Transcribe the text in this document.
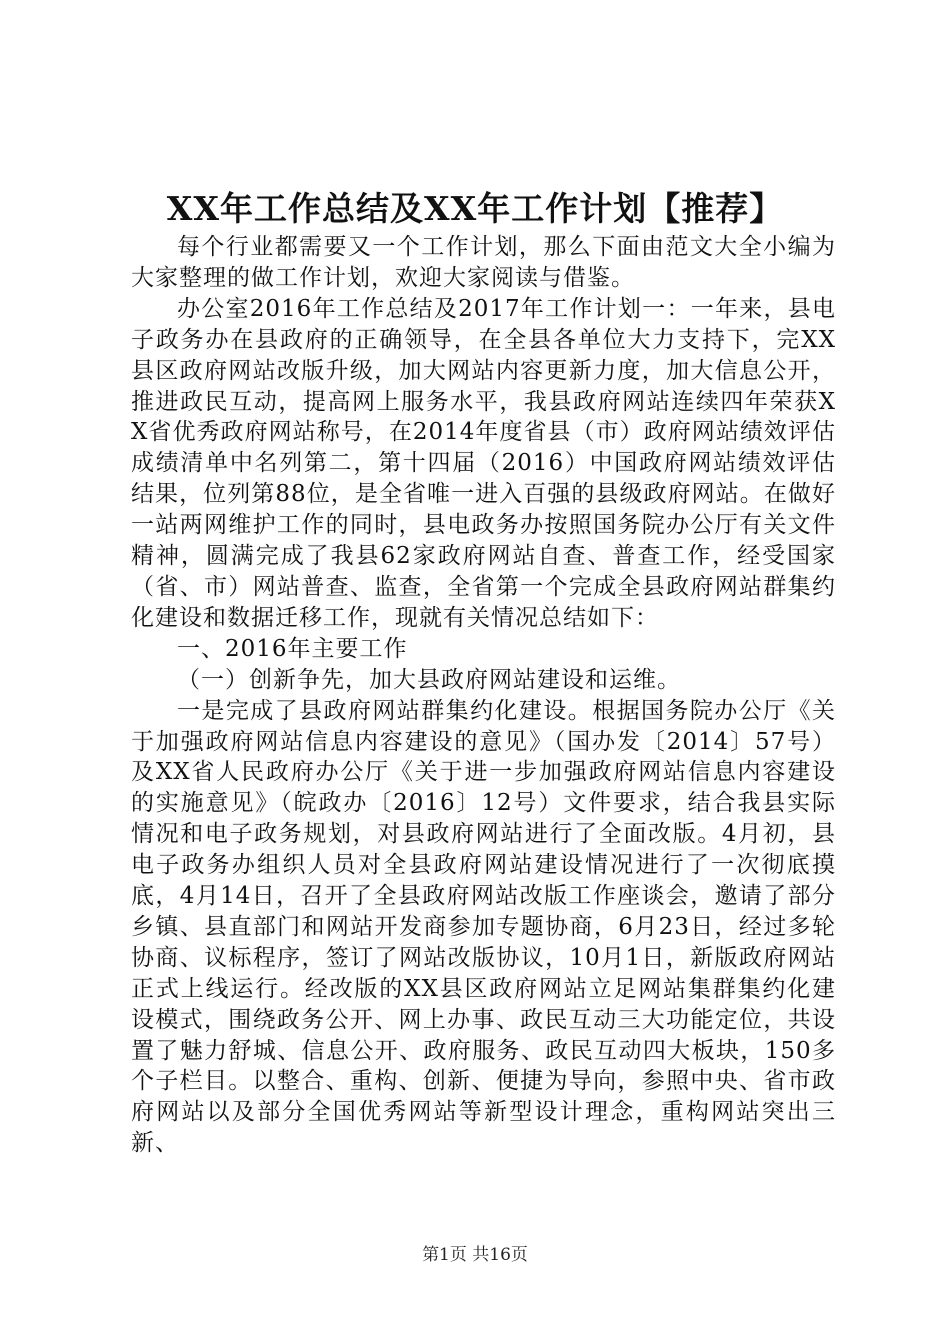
XX年工作总结及XX年工作计划【推荐】

每个行业都需要又一个工作计划，那么下面由范文大全小编为大家整理的做工作计划，欢迎大家阅读与借鉴。

办公室2016年工作总结及2017年工作计划一：一年来，县电子政务办在县政府的正确领导，在全县各单位大力支持下，完XX县区政府网站改版升级，加大网站内容更新力度，加大信息公开，推进政民互动，提高网上服务水平，我县政府网站连续四年荣获XX省优秀政府网站称号，在2014年度省县（市）政府网站绩效评估成绩清单中名列第二，第十四届（2016）中国政府网站绩效评估结果，位列第88位，是全省唯一进入百强的县级政府网站。在做好一站两网维护工作的同时，县电政务办按照国务院办公厅有关文件精神，圆满完成了我县62家政府网站自查、普查工作，经受国家（省、市）网站普查、监查，全省第一个完成全县政府网站群集约化建设和数据迁移工作，现就有关情况总结如下：

一、2016年主要工作

（一）创新争先，加大县政府网站建设和运维。

一是完成了县政府网站群集约化建设。根据国务院办公厅《关于加强政府网站信息内容建设的意见》（国办发〔2014〕57号）及XX省人民政府办公厅《关于进一步加强政府网站信息内容建设的实施意见》（皖政办〔2016〕12号）文件要求，结合我县实际情况和电子政务规划，对县政府网站进行了全面改版。4月初，县电子政务办组织人员对全县政府网站建设情况进行了一次彻底摸底，4月14日，召开了全县政府网站改版工作座谈会，邀请了部分乡镇、县直部门和网站开发商参加专题协商，6月23日，经过多轮协商、议标程序，签订了网站改版协议，10月1日，新版政府网站正式上线运行。经改版的XX县区政府网站立足网站集群集约化建设模式，围绕政务公开、网上办事、政民互动三大功能定位，共设置了魅力舒城、信息公开、政府服务、政民互动四大板块，150多个子栏目。以整合、重构、创新、便捷为导向，参照中央、省市政府网站以及部分全国优秀网站等新型设计理念，重构网站突出三新、

第1页 共16页
